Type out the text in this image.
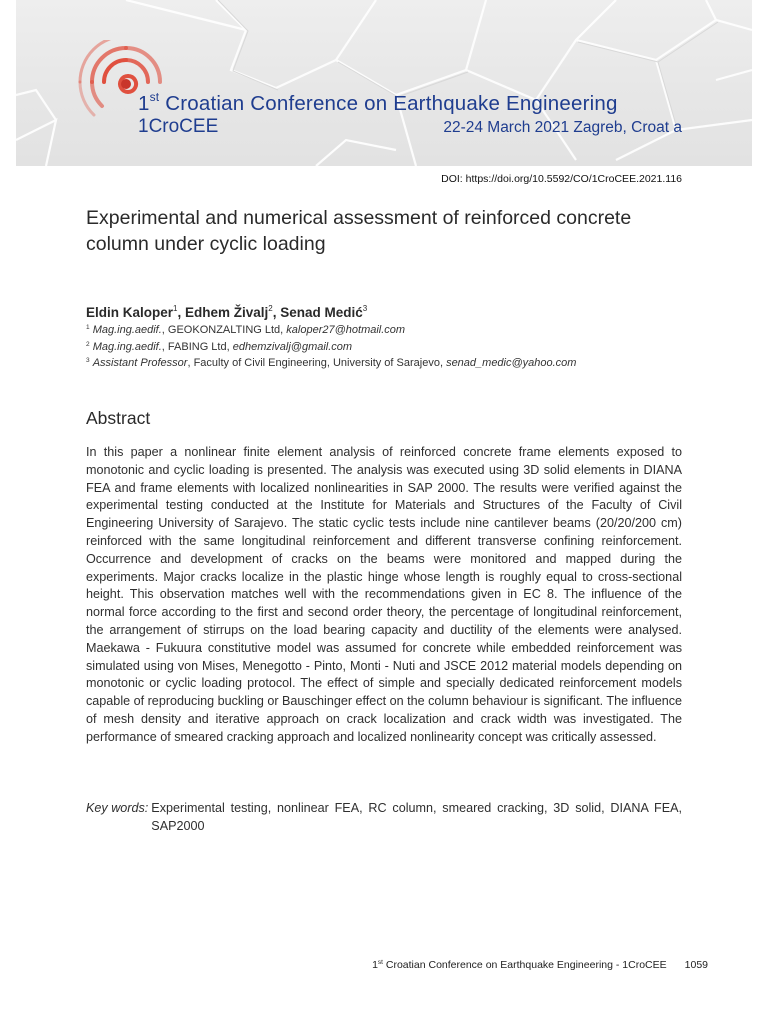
1st Croatian Conference on Earthquake Engineering
1CroCEE	22-24 March 2021 Zagreb, Croat a
DOI: https://doi.org/10.5592/CO/1CroCEE.2021.116
Experimental and numerical assessment of reinforced concrete column under cyclic loading
Eldin Kaloper$^1$, Edhem Živalj$^2$, Senad Medić$^3$
$^1$ Mag.ing.aedif., GEOKONZALTING Ltd, kaloper27@hotmail.com
$^2$ Mag.ing.aedif., FABING Ltd, edhemzivalj@gmail.com
$^3$ Assistant Professor, Faculty of Civil Engineering, University of Sarajevo, senad_medic@yahoo.com
Abstract

In this paper a nonlinear finite element analysis of reinforced concrete frame elements exposed to monotonic and cyclic loading is presented. The analysis was executed using 3D solid elements in DIANA FEA and frame elements with localized nonlinearities in SAP 2000. The results were verified against the experimental testing conducted at the Institute for Materials and Structures of the Faculty of Civil Engineering University of Sarajevo. The static cyclic tests include nine cantilever beams (20/20/200 cm) reinforced with the same longitudinal reinforcement and different transverse confining reinforcement. Occurrence and development of cracks on the beams were monitored and mapped during the experiments. Major cracks localize in the plastic hinge whose length is roughly equal to cross-sectional height. This observation matches well with the recommendations given in EC 8. The influence of the normal force according to the first and second order theory, the percentage of longitudinal reinforcement, the arrangement of stirrups on the load bearing capacity and ductility of the elements were analysed. Maekawa - Fukuura constitutive model was assumed for concrete while embedded reinforcement was simulated using von Mises, Menegotto - Pinto, Monti - Nuti and JSCE 2012 material models depending on monotonic or cyclic loading protocol. The effect of simple and specially dedicated reinforcement models capable of reproducing buckling or Bauschinger effect on the column behaviour is significant. The influence of mesh density and iterative approach on crack localization and crack width was investigated. The performance of smeared cracking approach and localized nonlinearity concept was critically assessed.

Key words: Experimental testing, nonlinear FEA, RC column, smeared cracking, 3D solid, DIANA FEA, SAP2000
1st Croatian Conference on Earthquake Engineering - 1CroCEE 1059
